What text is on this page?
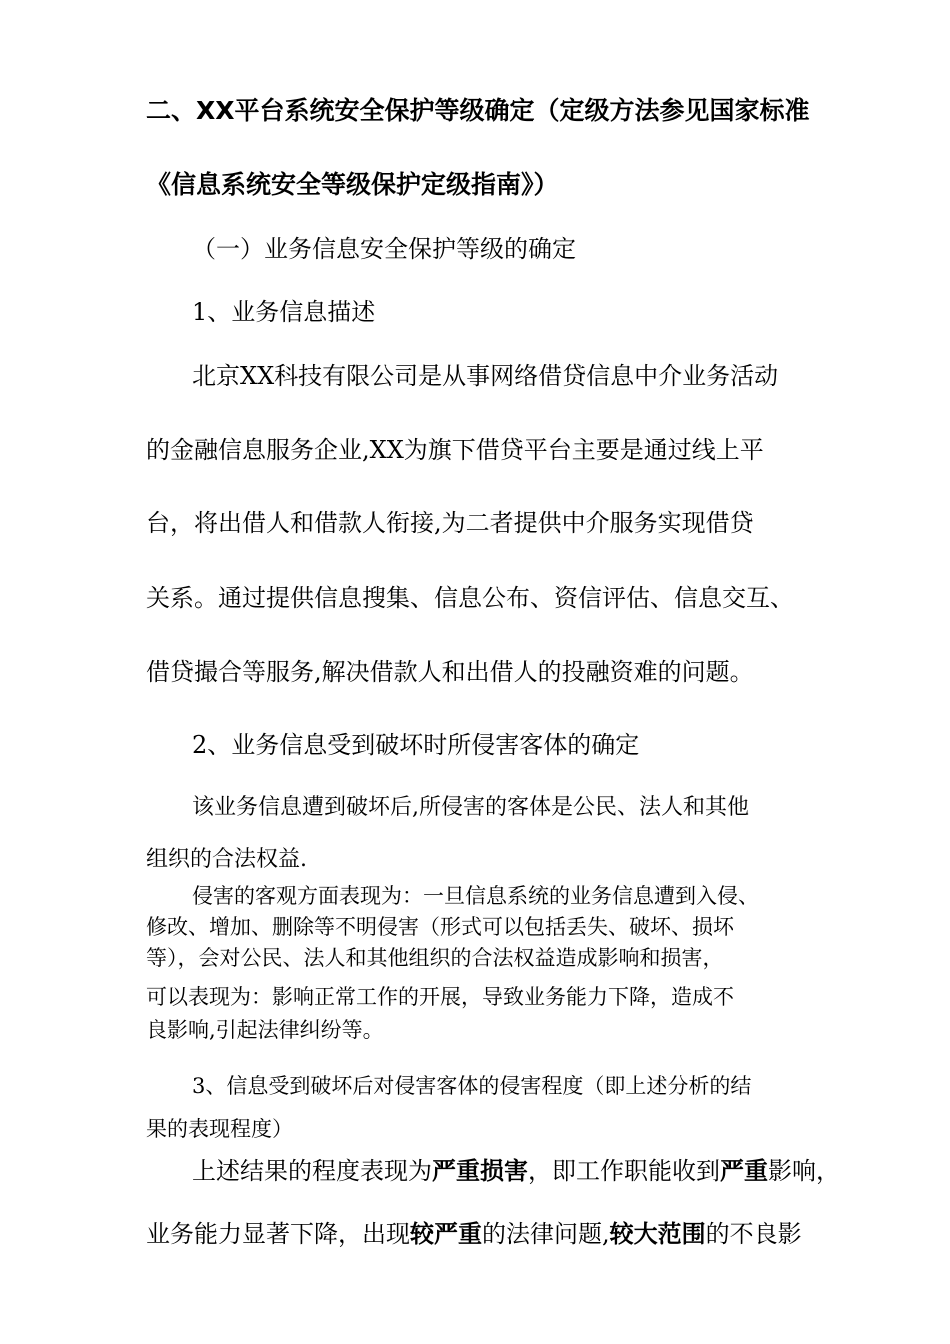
二、XX平台系统安全保护等级确定（定级方法参见国家标准

《信息系统安全等级保护定级指南》）

（一）业务信息安全保护等级的确定

1、业务信息描述

北京XX科技有限公司是从事网络借贷信息中介业务活动

的金融信息服务企业,XX为旗下借贷平台主要是通过线上平

台，将出借人和借款人衔接,为二者提供中介服务实现借贷

关系。通过提供信息搜集、信息公布、资信评估、信息交互、

借贷撮合等服务,解决借款人和出借人的投融资难的问题。

2、业务信息受到破坏时所侵害客体的确定

该业务信息遭到破坏后,所侵害的客体是公民、法人和其他

组织的合法权益.

侵害的客观方面表现为：一旦信息系统的业务信息遭到入侵、

修改、增加、删除等不明侵害（形式可以包括丢失、破坏、损坏

等），会对公民、法人和其他组织的合法权益造成影响和损害，

可以表现为：影响正常工作的开展，导致业务能力下降，造成不

良影响,引起法律纠纷等。

3、信息受到破坏后对侵害客体的侵害程度（即上述分析的结

果的表现程度）

上述结果的程度表现为严重损害，即工作职能收到严重影响，

业务能力显著下降，出现较严重的法律问题,较大范围的不良影
